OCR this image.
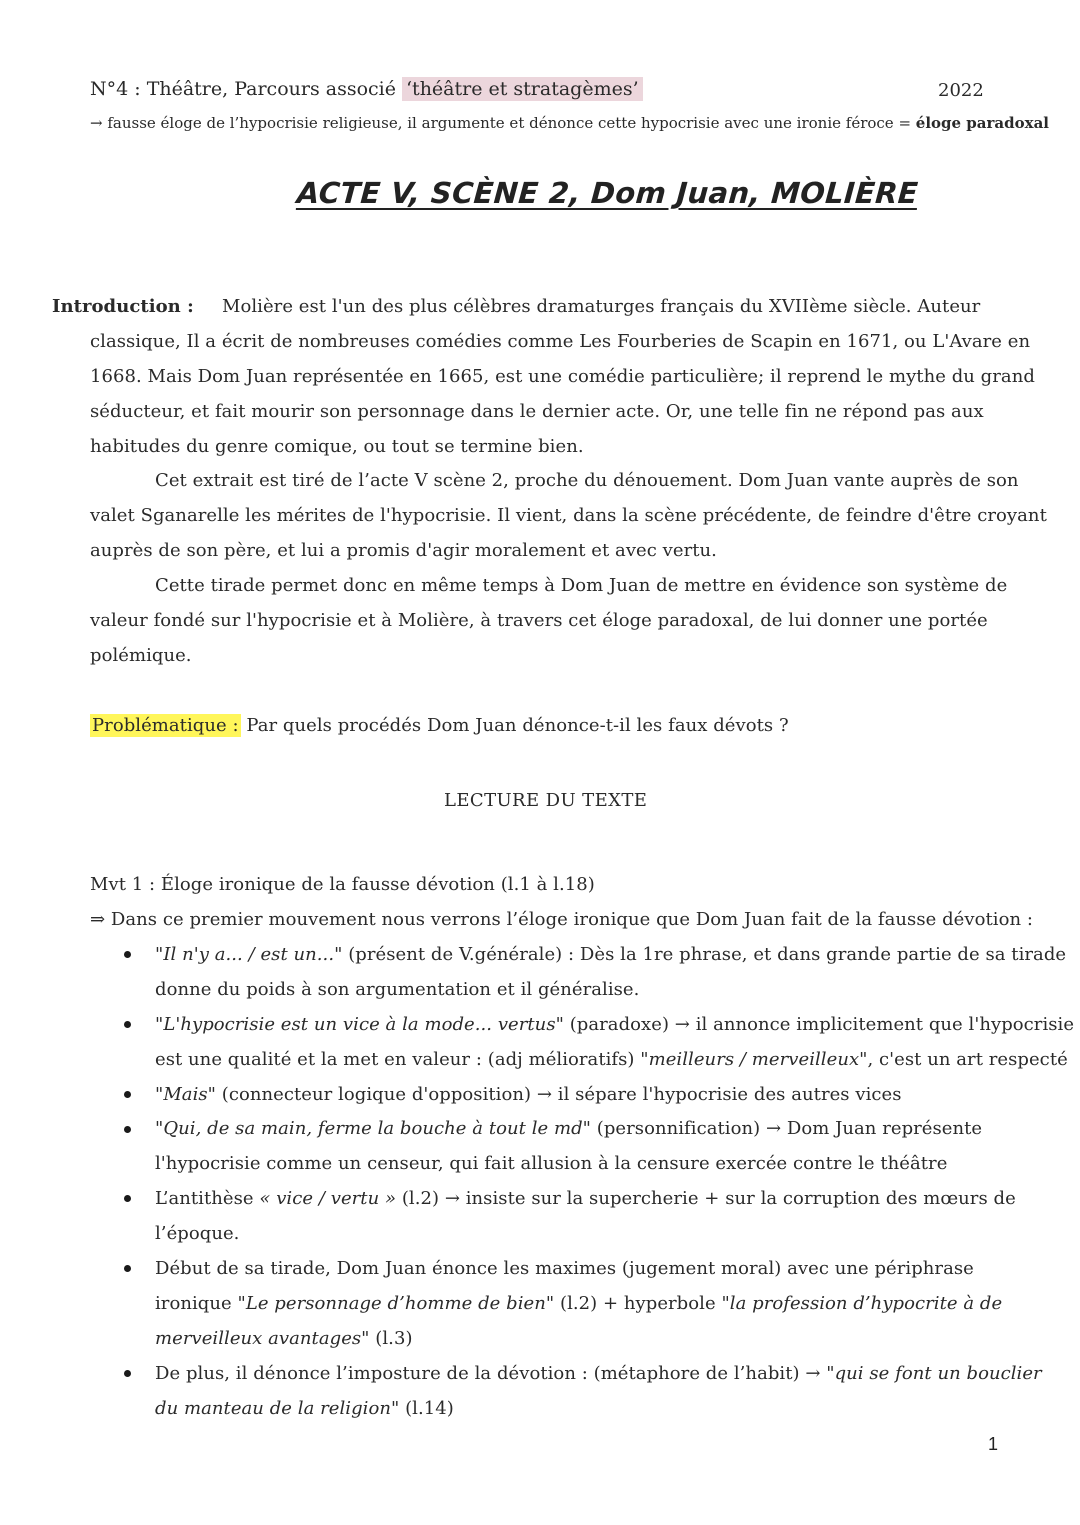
N°4 : Théâtre, Parcours associé ‘théâtre et stratagèmes’	2022
→ fausse éloge de l’hypocrisie religieuse, il argumente et dénonce cette hypocrisie avec une ironie féroce = éloge paradoxal
ACTE V, SCÈNE 2, Dom Juan, MOLIÈRE
Introduction : Molière est l'un des plus célèbres dramaturges français du XVIIème siècle. Auteur
classique, Il a écrit de nombreuses comédies comme Les Fourberies de Scapin en 1671, ou L'Avare en
1668. Mais Dom Juan représentée en 1665, est une comédie particulière; il reprend le mythe du grand
séducteur, et fait mourir son personnage dans le dernier acte. Or, une telle fin ne répond pas aux
habitudes du genre comique, ou tout se termine bien.
Cet extrait est tiré de l’acte V scène 2, proche du dénouement. Dom Juan vante auprès de son
valet Sganarelle les mérites de l'hypocrisie. Il vient, dans la scène précédente, de feindre d'être croyant
auprès de son père, et lui a promis d'agir moralement et avec vertu.
Cette tirade permet donc en même temps à Dom Juan de mettre en évidence son système de
valeur fondé sur l'hypocrisie et à Molière, à travers cet éloge paradoxal, de lui donner une portée
polémique.
Problématique : Par quels procédés Dom Juan dénonce-t-il les faux dévots ?
LECTURE DU TEXTE
Mvt 1 : Éloge ironique de la fausse dévotion (l.1 à l.18)
⇒ Dans ce premier mouvement nous verrons l’éloge ironique que Dom Juan fait de la fausse dévotion :
"Il n'y a... / est un..." (présent de V.générale) : Dès la 1re phrase, et dans grande partie de sa tirade
donne du poids à son argumentation et il généralise.
"L'hypocrisie est un vice à la mode... vertus" (paradoxe) → il annonce implicitement que l'hypocrisie
est une qualité et la met en valeur : (adj mélioratifs) "meilleurs / merveilleux", c'est un art respecté
"Mais" (connecteur logique d'opposition) → il sépare l'hypocrisie des autres vices
"Qui, de sa main, ferme la bouche à tout le md" (personnification) → Dom Juan représente
l'hypocrisie comme un censeur, qui fait allusion à la censure exercée contre le théâtre
L’antithèse « vice / vertu » (l.2) → insiste sur la supercherie + sur la corruption des mœurs de
l’époque.
Début de sa tirade, Dom Juan énonce les maximes (jugement moral) avec une périphrase
ironique "Le personnage d’homme de bien" (l.2) + hyperbole "la profession d’hypocrite à de
merveilleux avantages" (l.3)
De plus, il dénonce l’imposture de la dévotion : (métaphore de l’habit) → "qui se font un bouclier
du manteau de la religion" (l.14)
1
